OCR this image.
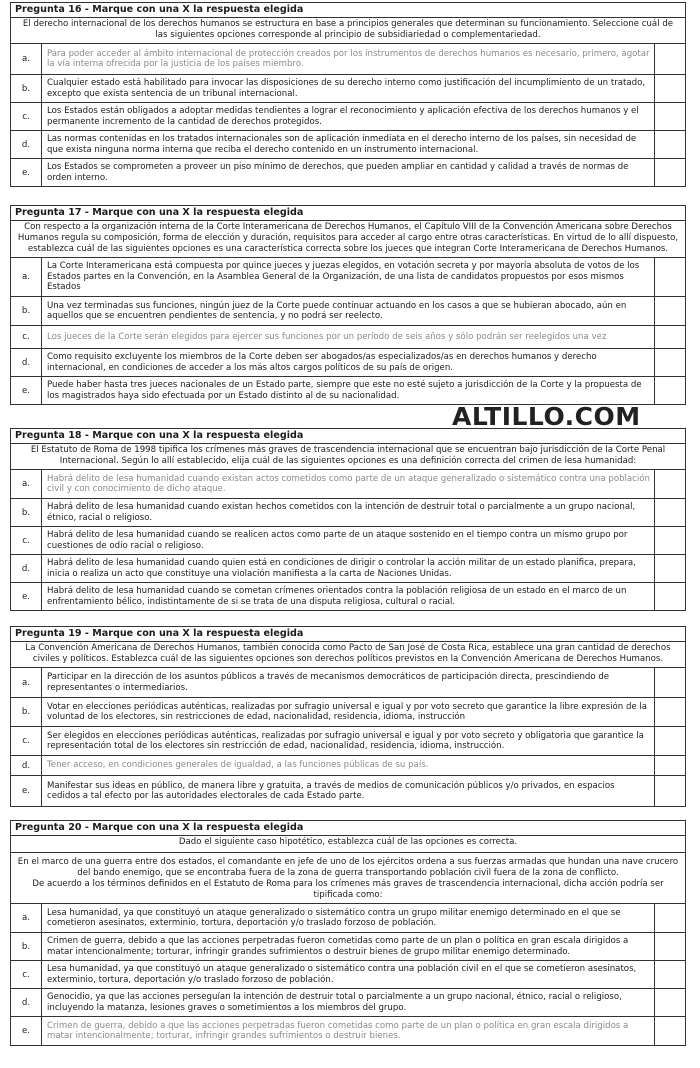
Pregunta 16 - Marque con una X la respuesta elegida

El derecho internacional de los derechos humanos se estructura en base a principios generales que determinan su funcionamiento. Seleccione cuál de las siguientes opciones corresponde al principio de subsidiariedad o complementariedad.

a.
Para poder acceder al ámbito internacional de protección creados por los instrumentos de derechos humanos es necesario, primero, agotar la vía interna ofrecida por la justicia de los países miembro.
b.
Cualquier estado está habilitado para invocar las disposiciones de su derecho interno como justificación del incumplimiento de un tratado, excepto que exista sentencia de un tribunal internacional.
c.
Los Estados están obligados a adoptar medidas tendientes a lograr el reconocimiento y aplicación efectiva de los derechos humanos y el permanente incremento de la cantidad de derechos protegidos.
d.
Las normas contenidas en los tratados internacionales son de aplicación inmediata en el derecho interno de los países, sin necesidad de que exista ninguna norma interna que reciba el derecho contenido en un instrumento internacional.
e.
Los Estados se comprometen a proveer un piso mínimo de derechos, que pueden ampliar en cantidad y calidad a través de normas de orden interno.
Pregunta 17 - Marque con una X la respuesta elegida

Con respecto a la organización interna de la Corte Interamericana de Derechos Humanos, el Capítulo VIII de la Convención Americana sobre Derechos Humanos regula su composición, forma de elección y duración, requisitos para acceder al cargo entre otras características. En virtud de lo allí dispuesto, establezca cuál de las siguientes opciones es una característica correcta sobre los jueces que integran Corte Interamericana de Derechos Humanos.

a.
La Corte Interamericana está compuesta por quince jueces y juezas elegidos, en votación secreta y por mayoría absoluta de votos de los Estados partes en la Convención, en la Asamblea General de la Organización, de una lista de candidatos propuestos por esos mismos Estados
b.
Una vez terminadas sus funciones, ningún juez de la Corte puede continuar actuando en los casos a que se hubieran abocado, aún en aquellos que se encuentren pendientes de sentencia, y no podrá ser reelecto.
c.	Los jueces de la Corte serán elegidos para ejercer sus funciones por un período de seis años y sólo podrán ser reelegidos una vez
d.
Como requisito excluyente los miembros de la Corte deben ser abogados/as especializados/as en derechos humanos y derecho internacional, en condiciones de acceder a los más altos cargos políticos de su país de origen.
e.
Puede haber hasta tres jueces nacionales de un Estado parte, siempre que este no esté sujeto a jurisdicción de la Corte y la propuesta de los magistrados haya sido efectuada por un Estado distinto al de su nacionalidad.
ALTILLO.COM
Pregunta 18 - Marque con una X la respuesta elegida

El Estatuto de Roma de 1998 tipifica los crímenes más graves de trascendencia internacional que se encuentran bajo jurisdicción de la Corte Penal Internacional. Según lo allí establecido, elija cuál de las siguientes opciones es una definición correcta del crimen de lesa humanidad:

a.
Habrá delito de lesa humanidad cuando existan actos cometidos como parte de un ataque generalizado o sistemático contra una población civil y con conocimiento de dicho ataque.
b.
Habrá delito de lesa humanidad cuando existan hechos cometidos con la intención de destruir total o parcialmente a un grupo nacional, étnico, racial o religioso.
c.
Habrá delito de lesa humanidad cuando se realicen actos como parte de un ataque sostenido en el tiempo contra un mismo grupo por cuestiones de odio racial o religioso.
d.
Habrá delito de lesa humanidad cuando quien está en condiciones de dirigir o controlar la acción militar de un estado planifica, prepara, inicia o realiza un acto que constituye una violación manifiesta a la carta de Naciones Unidas.
e.
Habrá delito de lesa humanidad cuando se cometan crímenes orientados contra la población religiosa de un estado en el marco de un enfrentamiento bélico, indistintamente de si se trata de una disputa religiosa, cultural o racial.
Pregunta 19 - Marque con una X la respuesta elegida

La Convención Americana de Derechos Humanos, también conocida como Pacto de San José de Costa Rica, establece una gran cantidad de derechos civiles y políticos. Establezca cuál de las siguientes opciones son derechos políticos previstos en la Convención Americana de Derechos Humanos.

a.
Participar en la dirección de los asuntos públicos a través de mecanismos democráticos de participación directa, prescindiendo de representantes o intermediarios.
b.
Votar en elecciones periódicas auténticas, realizadas por sufragio universal e igual y por voto secreto que garantice la libre expresión de la voluntad de los electores, sin restricciones de edad, nacionalidad, residencia, idioma, instrucción
c.
Ser elegidos en elecciones periódicas auténticas, realizadas por sufragio universal e igual y por voto secreto y obligatoria que garantice la representación total de los electores sin restricción de edad, nacionalidad, residencia, idioma, instrucción.
d.	Tener acceso, en condiciones generales de igualdad, a las funciones públicas de su país.
e.
Manifestar sus ideas en público, de manera libre y gratuita, a través de medios de comunicación públicos y/o privados, en espacios cedidos a tal efecto por las autoridades electorales de cada Estado parte.
Pregunta 20 - Marque con una X la respuesta elegida

Dado el siguiente caso hipotético, establezca cuál de las opciones es correcta.

En el marco de una guerra entre dos estados, el comandante en jefe de uno de los ejércitos ordena a sus fuerzas armadas que hundan una nave crucero del bando enemigo, que se encontraba fuera de la zona de guerra transportando población civil fuera de la zona de conflicto.

De acuerdo a los términos definidos en el Estatuto de Roma para los crímenes más graves de trascendencia internacional, dicha acción podría ser tipificada como:

a.
Lesa humanidad, ya que constituyó un ataque generalizado o sistemático contra un grupo militar enemigo determinado en el que se cometieron asesinatos, exterminio, tortura, deportación y/o traslado forzoso de población.
b.
Crimen de guerra, debido a que las acciones perpetradas fueron cometidas como parte de un plan o política en gran escala dirigidos a matar intencionalmente; torturar, infringir grandes sufrimientos o destruir bienes de grupo militar enemigo determinado.
c.
Lesa humanidad, ya que constituyó un ataque generalizado o sistemático contra una población civil en el que se cometieron asesinatos, exterminio, tortura, deportación y/o traslado forzoso de población.
d.
Genocidio, ya que las acciones perseguían la intención de destruir total o parcialmente a un grupo nacional, étnico, racial o religioso, incluyendo la matanza, lesiones graves o sometimientos a los miembros del grupo.
e.
Crimen de guerra, debido a que las acciones perpetradas fueron cometidas como parte de un plan o política en gran escala dirigidos a matar intencionalmente; torturar, infringir grandes sufrimientos o destruir bienes.
